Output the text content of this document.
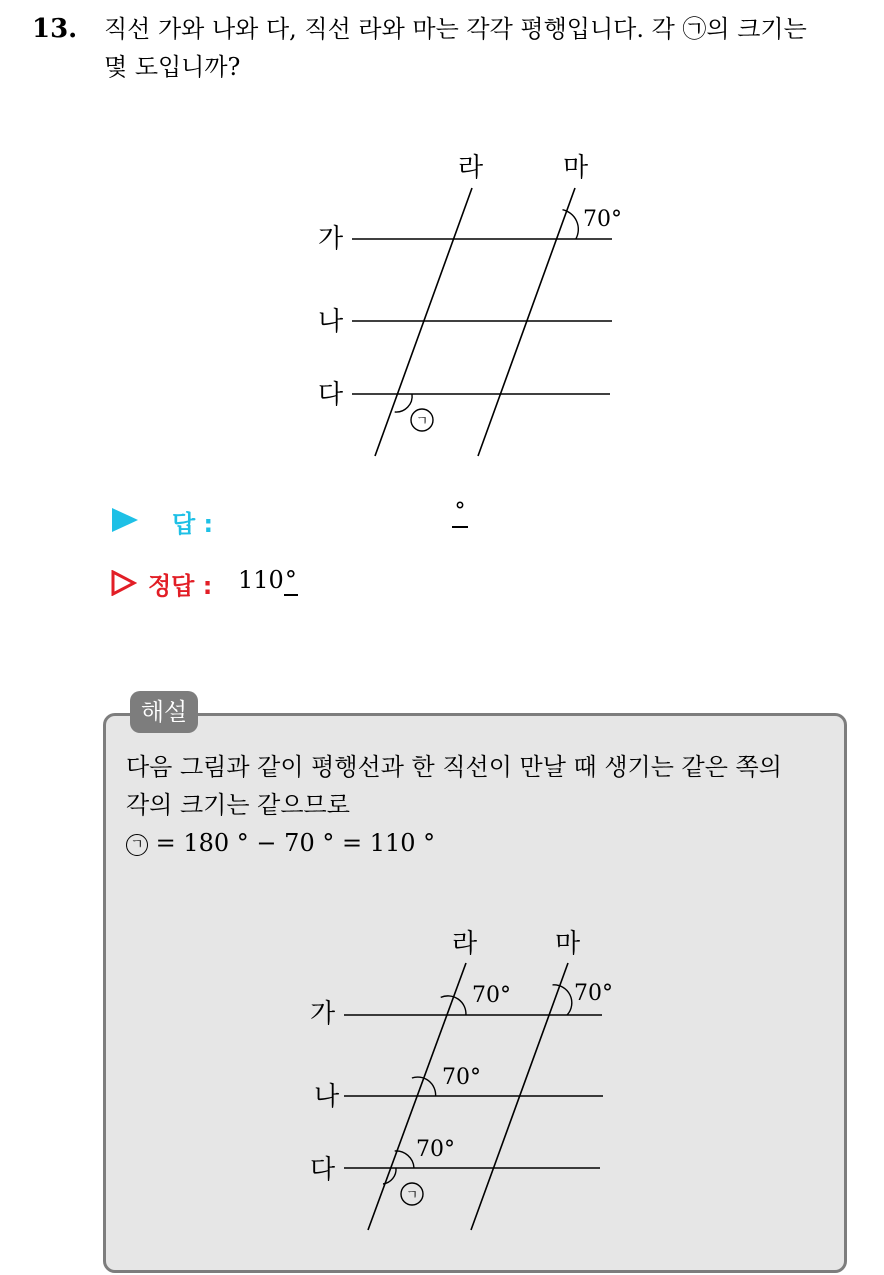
13. 직선 가와 나와 다, 직선 라와 마는 각각 평행입니다. 각 ㉠의 크기는
몇 도입니까?
ㄱ
가
나
다
라	마
70°
답 :	°
정답 : 110°
해설
다음 그림과 같이 평행선과 한 직선이 만날 때 생기는 같은 쪽의
각의 크기는 같으므로
ㄱ = 180 ° − 70 ° = 110 °
ㄱ
가
나
다
라	마
70°	70°
70°
70°
